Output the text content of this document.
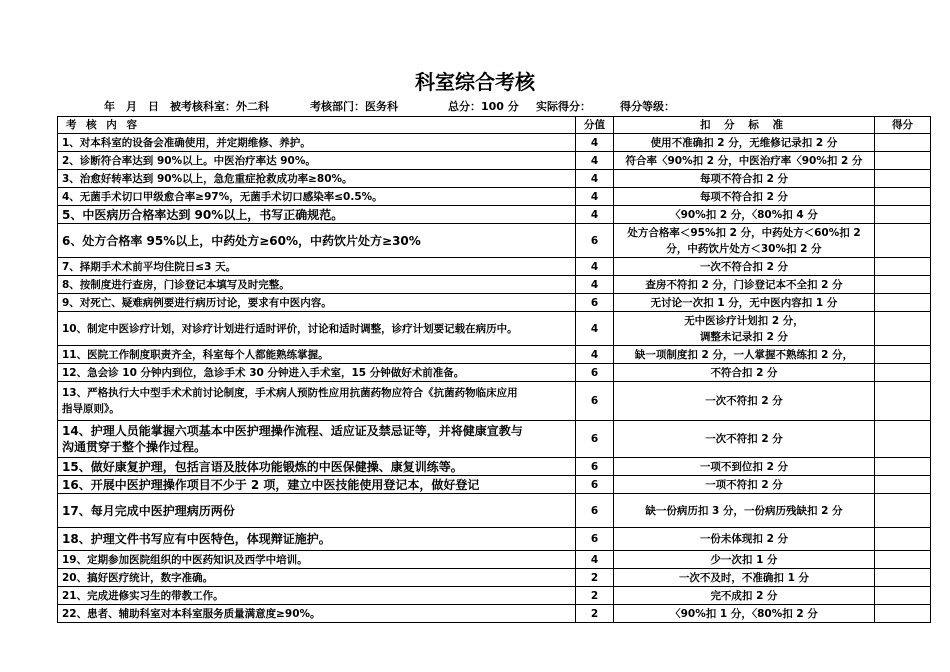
科室综合考核
年　月　日 被考核科室：外二科	考核部门：医务科	总分：100 分 实际得分：	得分等级：
考 核 内 容	分值	扣 分 标 准	得分
1、对本科室的设备会准确使用，并定期维修、养护。	4	使用不准确扣 2 分，无维修记录扣 2 分	
2、诊断符合率达到 90%以上。中医治疗率达 90%。	4	符合率〈90%扣 2 分，中医治疗率〈90%扣 2 分	
3、治愈好转率达到 90%以上，急危重症抢救成功率≥80%。	4	每项不符合扣 2 分	
4、无菌手术切口甲级愈合率≥97%，无菌手术切口感染率≤0.5%。	4	每项不符合扣 2 分	
5、中医病历合格率达到 90%以上，书写正确规范。	4	〈90%扣 2 分，〈80%扣 4 分	
6、处方合格率 95%以上，中药处方≥60%，中药饮片处方≥30%	6	处方合格率＜95%扣 2 分，中药处方＜60%扣 2
分，中药饮片处方＜30%扣 2 分	

7、择期手术术前平均住院日≤3 天。	4	一次不符合扣 2 分	
8、按制度进行查房，门诊登记本填写及时完整。	4	查房不符扣 2 分，门诊登记本不全扣 2 分	
9、对死亡、疑难病例要进行病历讨论，要求有中医内容。	6	无讨论一次扣 1 分，无中医内容扣 1 分	
10、制定中医诊疗计划，对诊疗计划进行适时评价，讨论和适时调整，诊疗计划要记载在病历中。	4	无中医诊疗计划扣 2 分，
调整未记录扣 2 分	

11、医院工作制度职责齐全，科室每个人都能熟练掌握。	4	缺一项制度扣 2 分，一人掌握不熟练扣 2 分，	
12、急会诊 10 分钟内到位，急诊手术 30 分钟进入手术室，15 分钟做好术前准备。	6	不符合扣 2 分	

13、严格执行大中型手术术前讨论制度，手术病人预防性应用抗菌药物应符合《抗菌药物临床应用
指导原则》。	6	一次不符扣 2 分	

14、护理人员能掌握六项基本中医护理操作流程、适应证及禁忌证等，并将健康宣教与
沟通贯穿于整个操作过程。	6	一次不符扣 2 分	
15、做好康复护理，包括言语及肢体功能锻炼的中医保健操、康复训练等。	6	一项不到位扣 2 分	
16、开展中医护理操作项目不少于 2 项，建立中医技能使用登记本，做好登记	6	一项不符扣 2 分	
17、每月完成中医护理病历两份	6	缺一份病历扣 3 分，一份病历残缺扣 2 分	
18、护理文件书写应有中医特色，体现辩证施护。	6	一份未体现扣 2 分	
19、定期参加医院组织的中医药知识及西学中培训。	4	少一次扣 1 分	
20、搞好医疗统计，数字准确。	2	一次不及时，不准确扣 1 分	
21、完成进修实习生的带教工作。	2	完不成扣 2 分	
22、患者、辅助科室对本科室服务质量满意度≥90%。	2	〈90%扣 1 分，〈80%扣 2 分	
